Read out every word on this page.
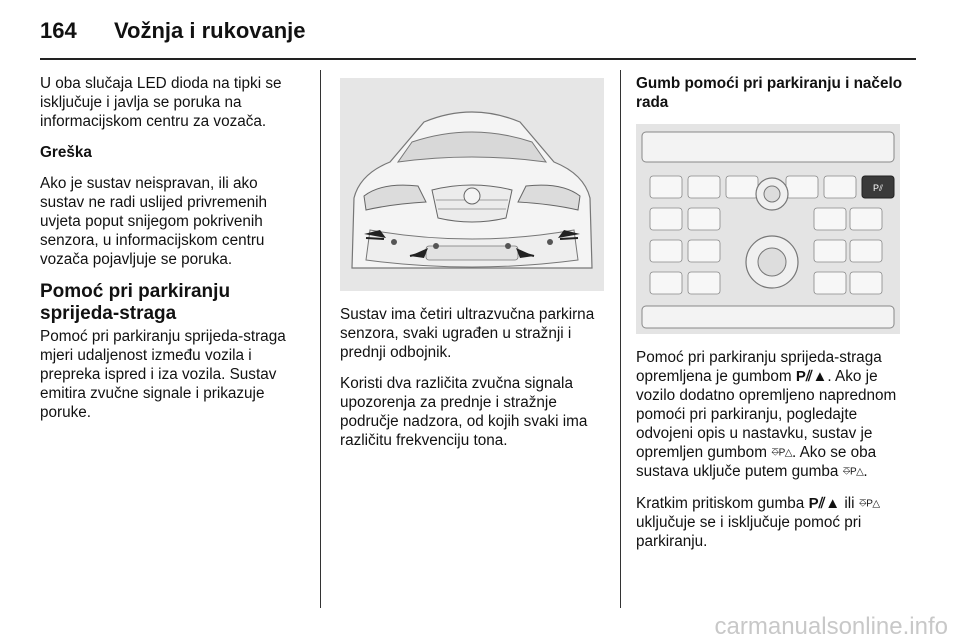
164 Vožnja i rukovanje

U oba slučaja LED dioda na tipki se isključuje i javlja se poruka na informacijskom centru za vozača.

Greška

Ako je sustav neispravan, ili ako sustav ne radi uslijed privremenih uvjeta poput snijegom pokrivenih senzora, u informacijskom centru vozača pojavljuje se poruka.

Pomoć pri parkiranju sprijeda-straga

Pomoć pri parkiranju sprijeda-straga mjeri udaljenost između vozila i prepreka ispred i iza vozila. Sustav emitira zvučne signale i prikazuje poruke.

Sustav ima četiri ultrazvučna parkirna senzora, svaki ugrađen u stražnji i prednji odbojnik.

Koristi dva različita zvučna signala upozorenja za prednje i stražnje područje nadzora, od kojih svaki ima različitu frekvenciju tona.

Gumb pomoći pri parkiranju i načelo rada

P⫽

Pomoć pri parkiranju sprijeda-straga opremljena je gumbom P⫽▲. Ako je vozilo dodatno opremljeno naprednom pomoći pri parkiranju, pogledajte odvojeni opis u nastavku, sustav je opremljen gumbom ⎑P△. Ako se oba sustava uključe putem gumba ⎑P△.

Kratkim pritiskom gumba P⫽▲ ili ⎑P△ uključuje se i isključuje pomoć pri parkiranju.

carmanualsonline.info
